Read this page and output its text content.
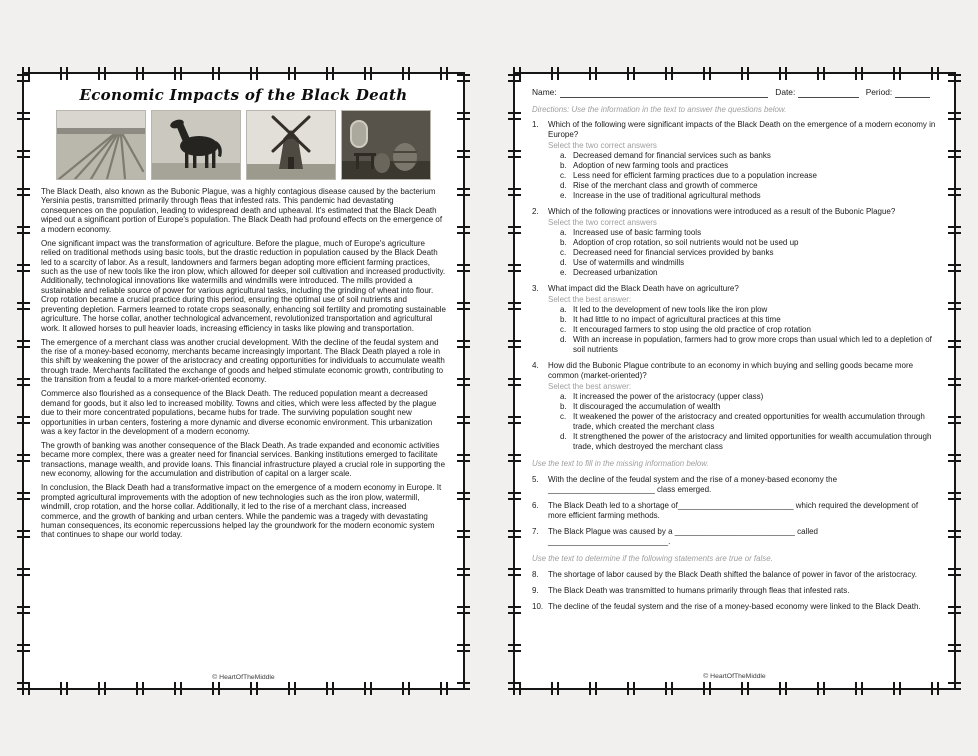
Economic Impacts of the Black Death

The Black Death, also known as the Bubonic Plague, was a highly contagious disease caused by the bacterium Yersinia pestis, transmitted primarily through fleas that infested rats. This pandemic had devastating consequences on the population, leading to widespread death and upheaval. It's estimated that the Black Death wiped out a significant portion of Europe's population. The Black Death had profound effects on the emergence of a modern economy.

One significant impact was the transformation of agriculture. Before the plague, much of Europe's agriculture relied on traditional methods using basic tools, but the drastic reduction in population caused by the Black Death led to a scarcity of labor. As a result, landowners and farmers began adopting more efficient farming practices, such as the use of new tools like the iron plow, which allowed for deeper soil cultivation and increased productivity. Additionally, technological innovations like watermills and windmills were introduced. The mills provided a sustainable and reliable source of power for various agricultural tasks, including the grinding of wheat into flour. Crop rotation became a crucial practice during this period, ensuring the optimal use of soil nutrients and preventing depletion. Farmers learned to rotate crops seasonally, enhancing soil fertility and promoting sustainable agriculture. The horse collar, another technological advancement, revolutionized transportation and agricultural work. It allowed horses to pull heavier loads, increasing efficiency in tasks like plowing and transportation.

The emergence of a merchant class was another crucial development. With the decline of the feudal system and the rise of a money-based economy, merchants became increasingly important. The Black Death played a role in this shift by weakening the power of the aristocracy and creating opportunities for individuals to accumulate wealth through trade. Merchants facilitated the exchange of goods and helped stimulate economic growth, contributing to the transition from a feudal to a more market-oriented economy.

Commerce also flourished as a consequence of the Black Death. The reduced population meant a decreased demand for goods, but it also led to increased mobility. Towns and cities, which were less affected by the plague due to their more concentrated populations, became hubs for trade. The surviving population sought new opportunities in urban centers, fostering a more dynamic and diverse economic environment. This urbanization was a key factor in the development of a modern economy.

The growth of banking was another consequence of the Black Death. As trade expanded and economic activities became more complex, there was a greater need for financial services. Banking institutions emerged to facilitate transactions, manage wealth, and provide loans. This financial infrastructure played a crucial role in supporting the new economy, allowing for the accumulation and distribution of capital on a larger scale.

In conclusion, the Black Death had a transformative impact on the emergence of a modern economy in Europe. It prompted agricultural improvements with the adoption of new technologies such as the iron plow, watermill, windmill, crop rotation, and the horse collar. Additionally, it led to the rise of a merchant class, increased commerce, and the growth of banking and urban centers. While the pandemic was a tragedy with devastating human consequences, its economic repercussions helped lay the groundwork for the modern economic system that continues to shape our world today.

© HeartOfTheMiddle
Name:	Date:	Period:
Directions: Use the information in the text to answer the questions below.
1.	Which of the following were significant impacts of the Black Death on the emergence of a modern economy in Europe?
Select the two correct answers
a. Decreased demand for financial services such as banks
b. Adoption of new farming tools and practices
c. Less need for efficient farming practices due to a population increase
d. Rise of the merchant class and growth of commerce
e. Increase in the use of traditional agricultural methods
2.	Which of the following practices or innovations were introduced as a result of the Bubonic Plague?
Select the two correct answers
a. Increased use of basic farming tools
b. Adoption of crop rotation, so soil nutrients would not be used up
c. Decreased need for financial services provided by banks
d. Use of watermills and windmills
e. Decreased urbanization
3.	What impact did the Black Death have on agriculture?
Select the best answer:
a. It led to the development of new tools like the iron plow
b. It had little to no impact of agricultural practices at this time
c. It encouraged farmers to stop using the old practice of crop rotation
d. With an increase in population, farmers had to grow more crops than usual which led to a depletion of soil nutrients
4.	How did the Bubonic Plague contribute to an economy in which buying and selling goods became more common (market-oriented)?
Select the best answer:
a. It increased the power of the aristocracy (upper class)
b. It discouraged the accumulation of wealth
c. It weakened the power of the aristocracy and created opportunities for wealth accumulation through trade, which created the merchant class
d. It strengthened the power of the aristocracy and limited opportunities for wealth accumulation through trade, which destroyed the merchant class
Use the text to fill in the missing information below.
5.	With the decline of the feudal system and the rise of a money-based economy the ________________________ class emerged.
6.	The Black Death led to a shortage of__________________________ which required the development of more efficient farming methods.
7.	The Black Plague was caused by a ___________________________ called ___________________________.
Use the text to determine if the following statements are true or false.
8.	The shortage of labor caused by the Black Death shifted the balance of power in favor of the aristocracy.
9.	The Black Death was transmitted to humans primarily through fleas that infested rats.
10. The decline of the feudal system and the rise of a money-based economy were linked to the Black Death.
© HeartOfTheMiddle
